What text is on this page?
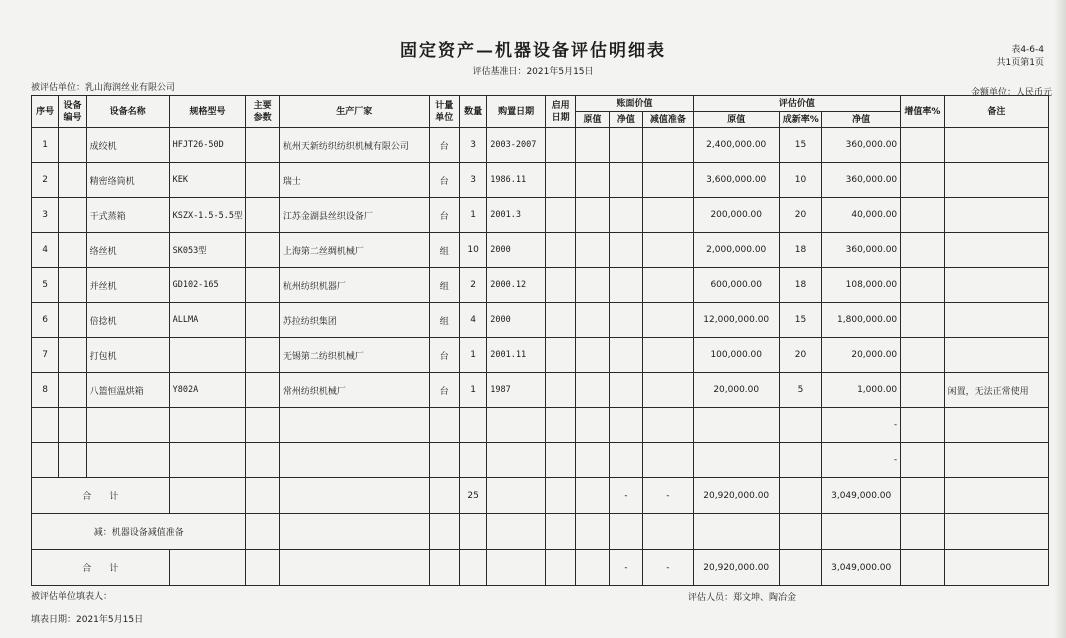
固定资产—机器设备评估明细表
评估基准日：2021年5月15日
表4-6-4
共1页第1页
被评估单位：乳山海润丝业有限公司	金额单位：人民币元
序号	设备编号	设备名称	规格型号	主要参数	生产厂家	计量单位	数量	购置日期	启用日期	账面价值			评估价值			增值率%	备注
										原值	净值	减值准备	原值	成新率%	净值		
1		成绞机	HFJT26-50D		杭州天新纺织纺织机械有限公司	台	3	2003-2007					2,400,000.00	15	360,000.00		
2		精密络筒机	KEK		瑞士	台	3	1986.11					3,600,000.00	10	360,000.00		
3		干式蒸箱	KSZX-1.5-5.5型		江苏金湖县丝织设备厂	台	1	2001.3					200,000.00	20	40,000.00		
4		络丝机	SK053型		上海第二丝绸机械厂	组	10	2000					2,000,000.00	18	360,000.00		
5		并丝机	GD102-165		杭州纺织机器厂	组	2	2000.12					600,000.00	18	108,000.00		
6		倍捻机	ALLMA		苏拉纺织集团	组	4	2000					12,000,000.00	15	1,800,000.00		
7		打包机			无锡第二纺织机械厂	台	1	2001.11					100,000.00	20	20,000.00		
8		八篮恒温烘箱	Y802A		常州纺织机械厂	台	1	1987					20,000.00	5	1,000.00		闲置，无法正常使用
															-		
															-		
合　　计							25				-	-	20,920,000.00		3,049,000.00		
减：机器设备减值准备																	
合　　计											-	-	20,920,000.00		3,049,000.00		
被评估单位填表人：	评估人员：郑文坤、陶冶金
填表日期：2021年5月15日
